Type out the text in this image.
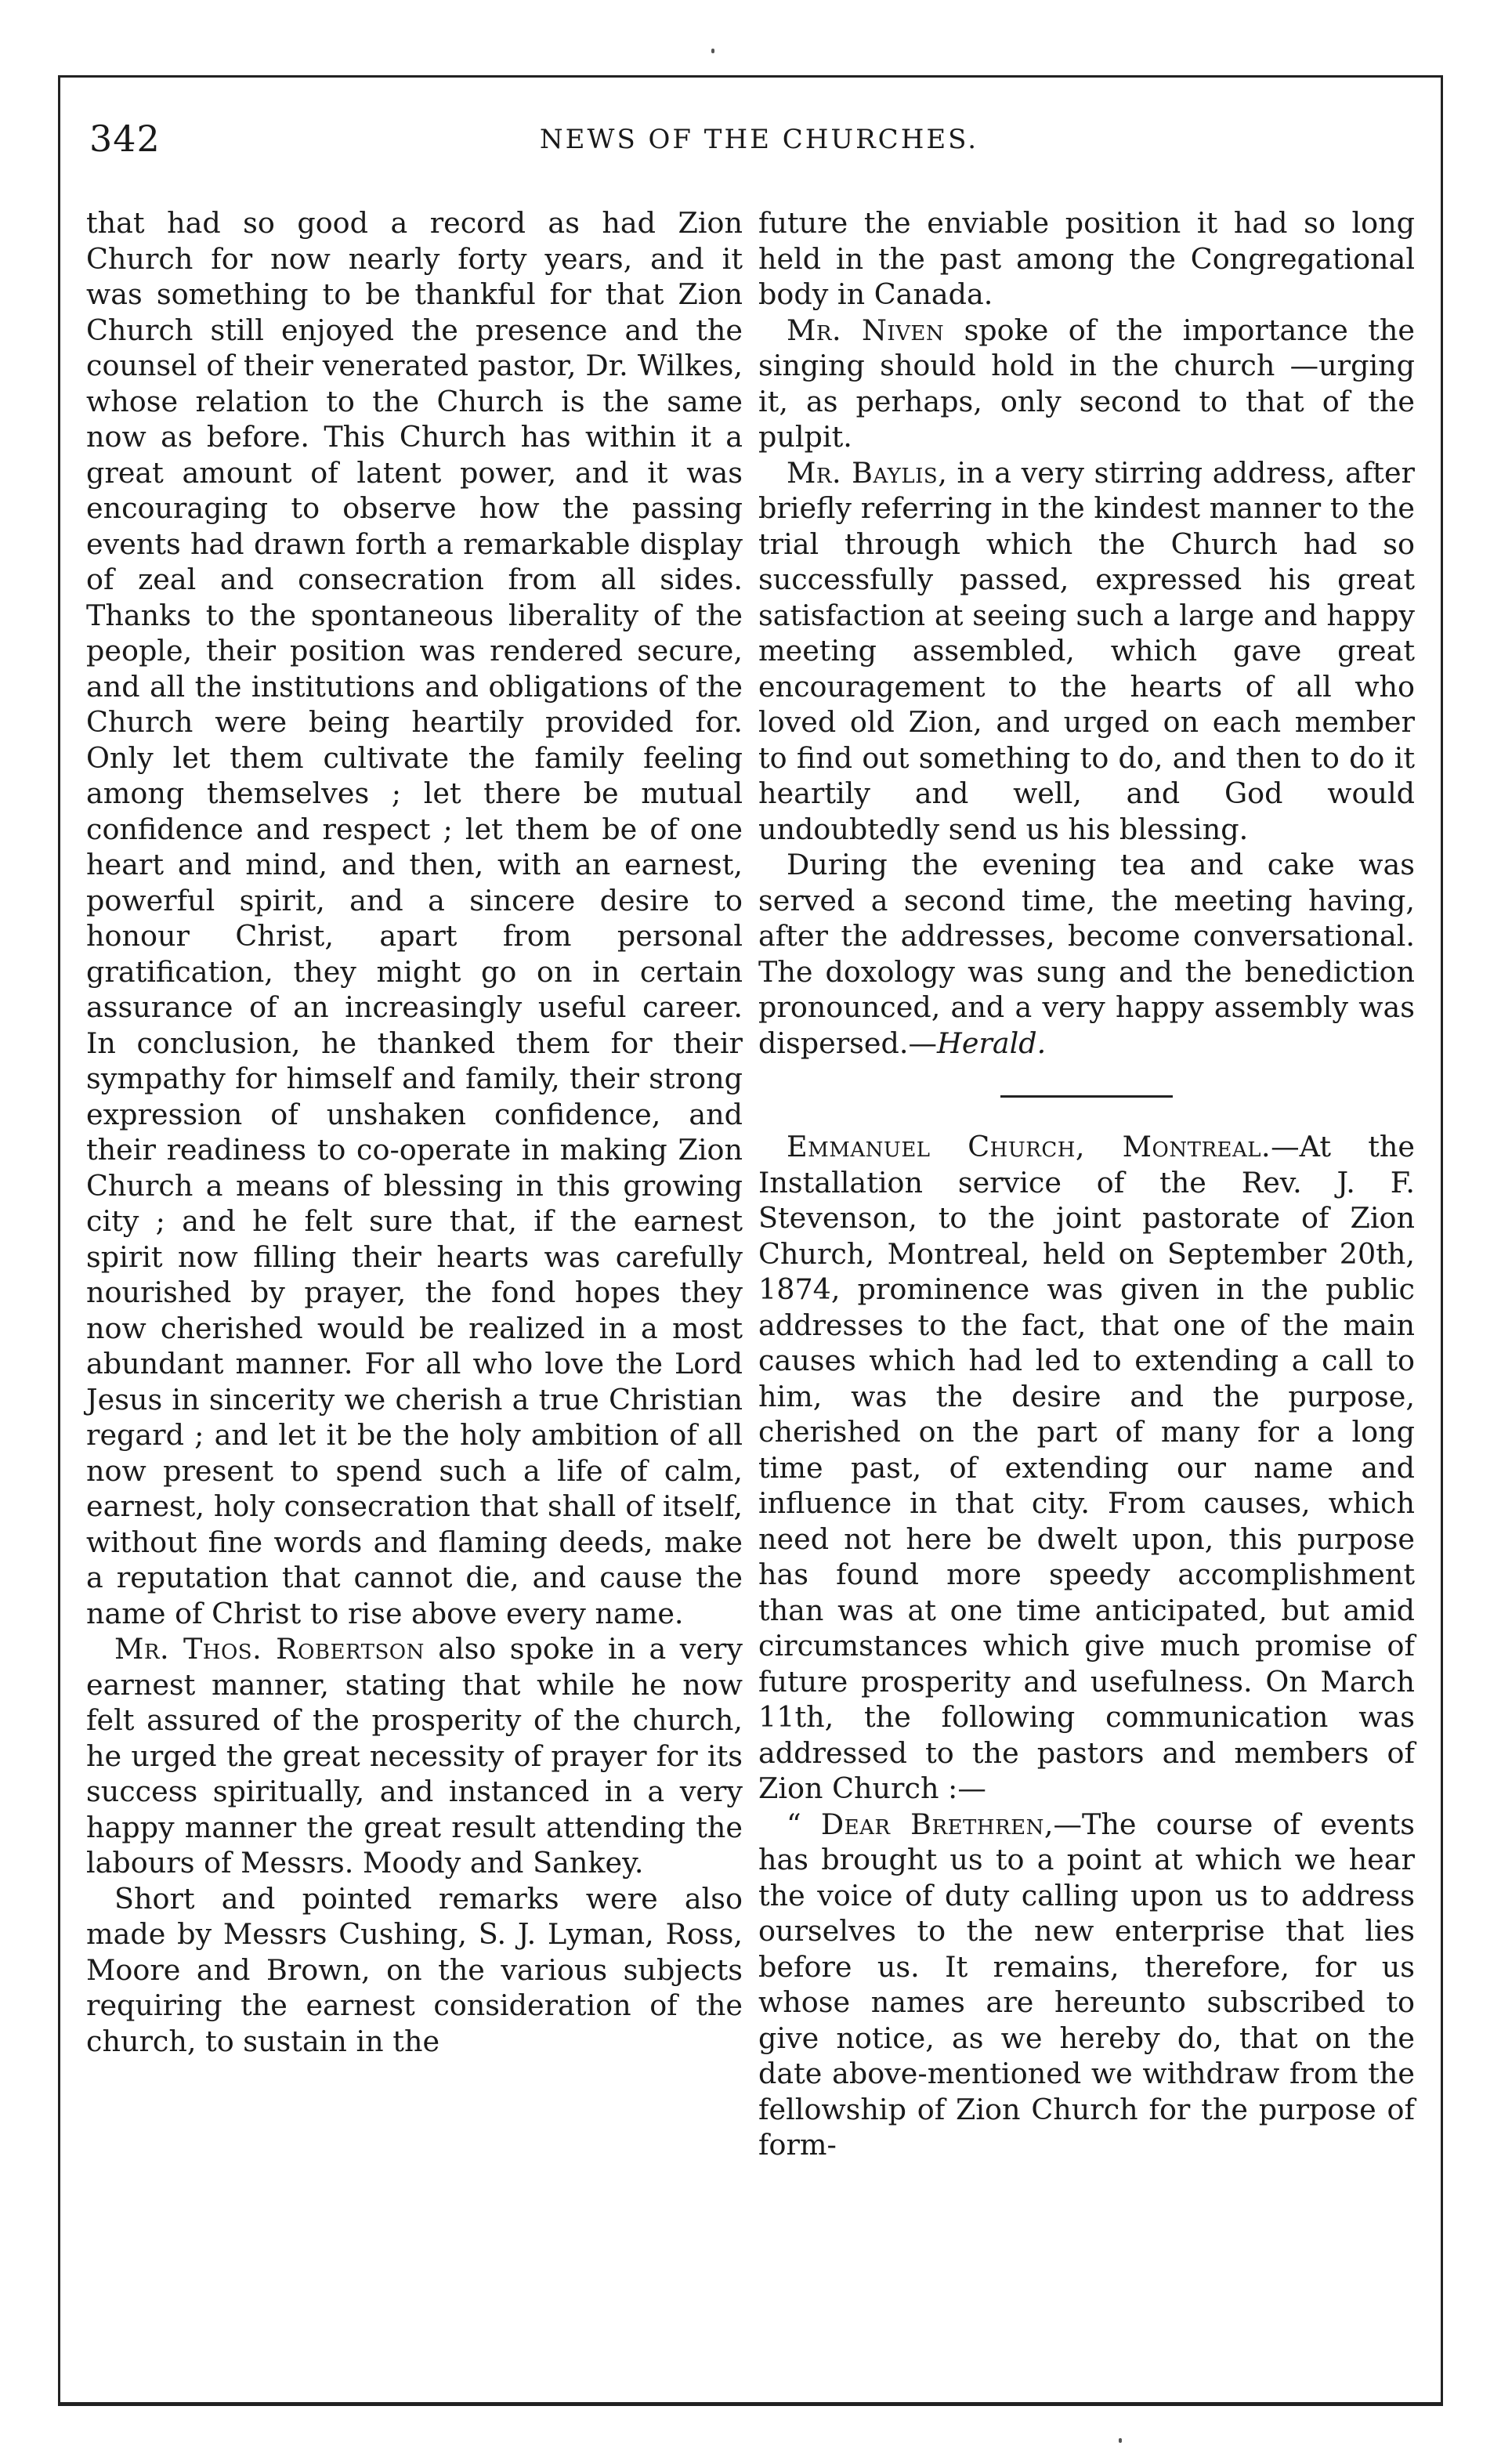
342	NEWS OF THE CHURCHES.

that had so good a record as had Zion Church for now nearly forty years, and it was something to be thankful for that Zion Church still enjoyed the presence and the counsel of their venerated pastor, Dr. Wilkes, whose relation to the Church is the same now as before. This Church has within it a great amount of latent power, and it was encouraging to observe how the passing events had drawn forth a remarkable display of zeal and consecration from all sides. Thanks to the spontaneous liberality of the people, their position was rendered secure, and all the institutions and obligations of the Church were being heartily provided for. Only let them cultivate the family feeling among themselves ; let there be mutual confidence and respect ; let them be of one heart and mind, and then, with an earnest, powerful spirit, and a sincere desire to honour Christ, apart from personal gratification, they might go on in certain assurance of an increasingly useful career. In conclusion, he thanked them for their sympathy for himself and family, their strong expression of unshaken confidence, and their readiness to co-operate in making Zion Church a means of blessing in this growing city ; and he felt sure that, if the earnest spirit now filling their hearts was carefully nourished by prayer, the fond hopes they now cherished would be realized in a most abundant manner. For all who love the Lord Jesus in sincerity we cherish a true Christian regard ; and let it be the holy ambition of all now present to spend such a life of calm, earnest, holy consecration that shall of itself, without fine words and flaming deeds, make a reputation that cannot die, and cause the name of Christ to rise above every name.

Mr. Thos. Robertson also spoke in a very earnest manner, stating that while he now felt assured of the prosperity of the church, he urged the great necessity of prayer for its success spiritually, and instanced in a very happy manner the great result attending the labours of Messrs. Moody and Sankey.

Short and pointed remarks were also made by Messrs Cushing, S. J. Lyman, Ross, Moore and Brown, on the various subjects requiring the earnest consideration of the church, to sustain in the

future the enviable position it had so long held in the past among the Congregational body in Canada.

Mr. Niven spoke of the importance the singing should hold in the church —urging it, as perhaps, only second to that of the pulpit.

Mr. Baylis, in a very stirring address, after briefly referring in the kindest manner to the trial through which the Church had so successfully passed, expressed his great satisfaction at seeing such a large and happy meeting assembled, which gave great encouragement to the hearts of all who loved old Zion, and urged on each member to find out something to do, and then to do it heartily and well, and God would undoubtedly send us his blessing.

During the evening tea and cake was served a second time, the meeting having, after the addresses, become conversational. The doxology was sung and the benediction pronounced, and a very happy assembly was dispersed.—Herald.

Emmanuel Church, Montreal.—At the Installation service of the Rev. J. F. Stevenson, to the joint pastorate of Zion Church, Montreal, held on September 20th, 1874, prominence was given in the public addresses to the fact, that one of the main causes which had led to extending a call to him, was the desire and the purpose, cherished on the part of many for a long time past, of extending our name and influence in that city. From causes, which need not here be dwelt upon, this purpose has found more speedy accomplishment than was at one time anticipated, but amid circumstances which give much promise of future prosperity and usefulness. On March 11th, the following communication was addressed to the pastors and members of Zion Church :—

“ Dear Brethren,—The course of events has brought us to a point at which we hear the voice of duty calling upon us to address ourselves to the new enterprise that lies before us. It remains, therefore, for us whose names are hereunto subscribed to give notice, as we hereby do, that on the date above-mentioned we withdraw from the fellowship of Zion Church for the purpose of form-
